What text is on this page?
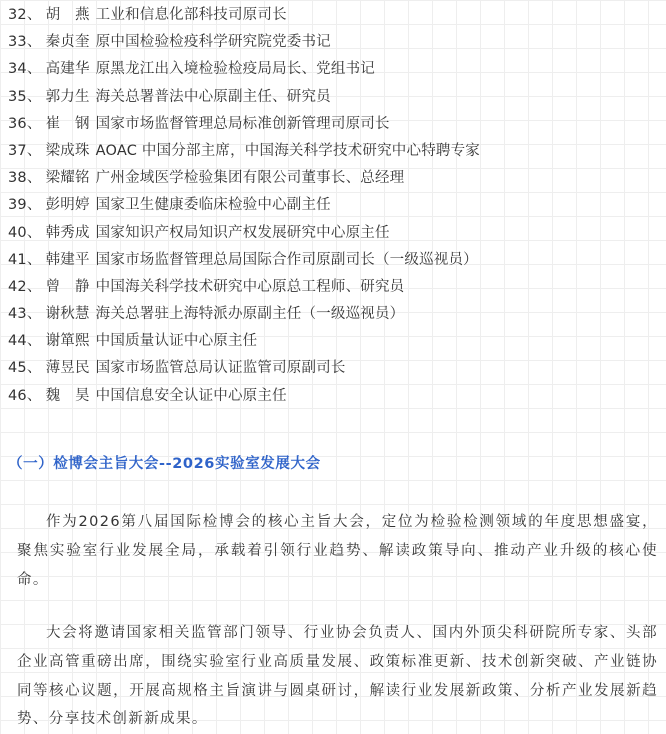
32、 胡　燕 工业和信息化部科技司原司长
33、 秦贞奎 原中国检验检疫科学研究院党委书记
34、 高建华 原黑龙江出入境检验检疫局局长、党组书记
35、 郭力生 海关总署普法中心原副主任、研究员
36、 崔　钢 国家市场监督管理总局标准创新管理司原司长
37、 梁成珠 AOAC 中国分部主席，中国海关科学技术研究中心特聘专家
38、 梁耀铭 广州金域医学检验集团有限公司董事长、总经理
39、 彭明婷 国家卫生健康委临床检验中心副主任
40、 韩秀成 国家知识产权局知识产权发展研究中心原主任
41、 韩建平 国家市场监督管理总局国际合作司原副司长（一级巡视员）
42、 曾　静 中国海关科学技术研究中心原总工程师、研究员
43、 谢秋慧 海关总署驻上海特派办原副主任（一级巡视员）
44、 谢箪熙 中国质量认证中心原主任
45、 薄昱民 国家市场监管总局认证监管司原副司长
46、 魏　昊 中国信息安全认证中心原主任
（一）检博会主旨大会--2026实验室发展大会

作为2026第八届国际检博会的核心主旨大会，定位为检验检测领域的年度思想盛宴，聚焦实验室行业发展全局，承载着引领行业趋势、解读政策导向、推动产业升级的核心使命。

大会将邀请国家相关监管部门领导、行业协会负责人、国内外顶尖科研院所专家、头部企业高管重磅出席，围绕实验室行业高质量发展、政策标准更新、技术创新突破、产业链协同等核心议题，开展高规格主旨演讲与圆桌研讨，解读行业发展新政策、分析产业发展新趋势、分享技术创新新成果。
